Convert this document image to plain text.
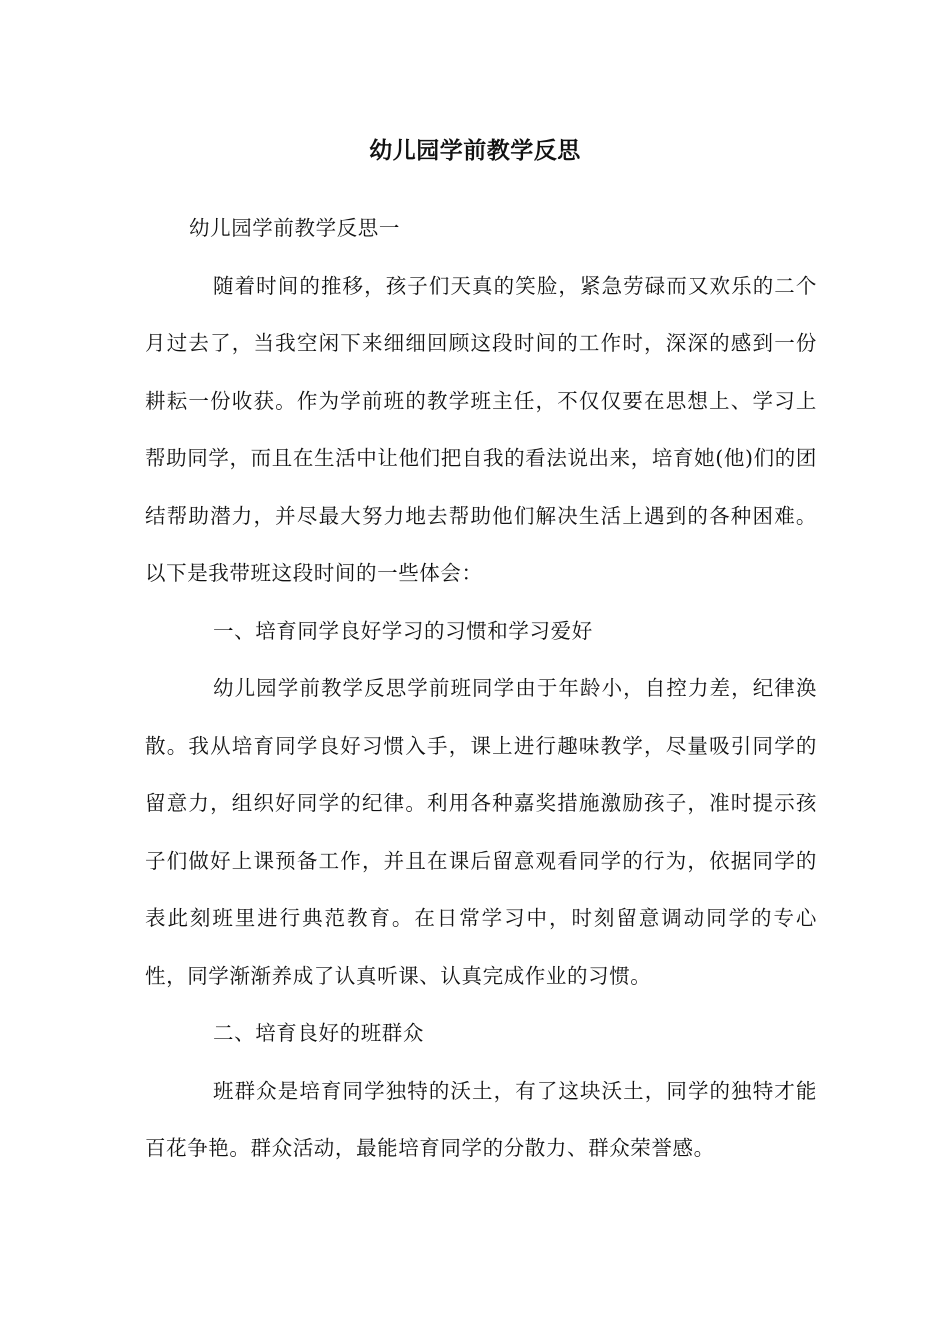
幼儿园学前教学反思

幼儿园学前教学反思一

随着时间的推移，孩子们天真的笑脸，紧急劳碌而又欢乐的二个月过去了，当我空闲下来细细回顾这段时间的工作时，深深的感到一份耕耘一份收获。作为学前班的教学班主任，不仅仅要在思想上、学习上帮助同学，而且在生活中让他们把自我的看法说出来，培育她(他)们的团结帮助潜力，并尽最大努力地去帮助他们解决生活上遇到的各种困难。以下是我带班这段时间的一些体会：

一、培育同学良好学习的习惯和学习爱好

幼儿园学前教学反思学前班同学由于年龄小，自控力差，纪律涣散。我从培育同学良好习惯入手，课上进行趣味教学，尽量吸引同学的留意力，组织好同学的纪律。利用各种嘉奖措施激励孩子，准时提示孩子们做好上课预备工作，并且在课后留意观看同学的行为，依据同学的表此刻班里进行典范教育。在日常学习中，时刻留意调动同学的专心性，同学渐渐养成了认真听课、认真完成作业的习惯。

二、培育良好的班群众

班群众是培育同学独特的沃土，有了这块沃土，同学的独特才能百花争艳。群众活动，最能培育同学的分散力、群众荣誉感。
